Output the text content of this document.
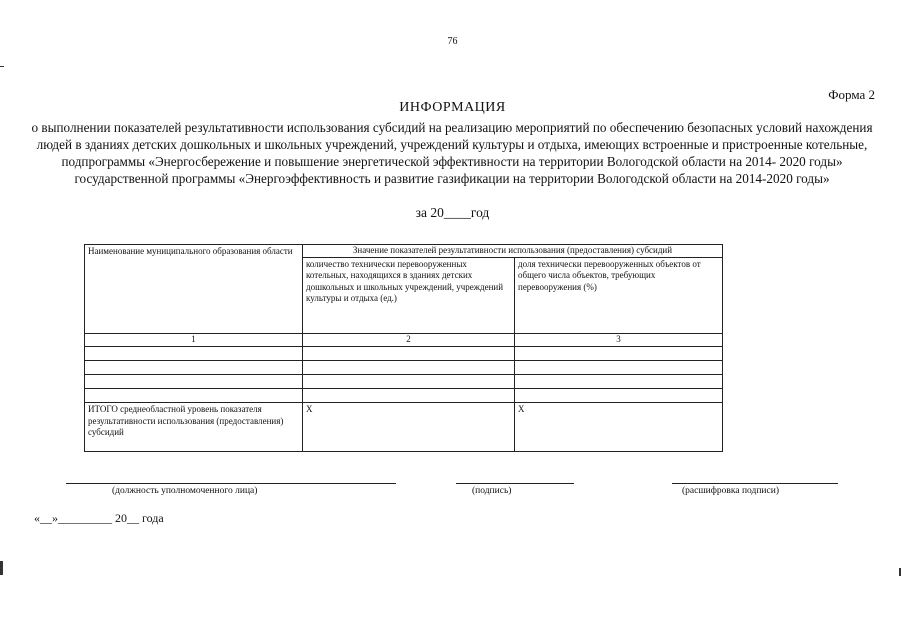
76
Форма 2
ИНФОРМАЦИЯ
о выполнении показателей результативности использования субсидий на реализацию мероприятий по обеспечению безопасных условий нахождения людей в зданиях детских дошкольных и школьных учреждений, учреждений культуры и отдыха, имеющих встроенные и пристроенные котельные, подпрограммы «Энергосбережение и повышение энергетической эффективности на территории Вологодской области на 2014- 2020 годы» государственной программы «Энергоэффективность и развитие газификации на территории Вологодской области на 2014-2020 годы»
за 20____год
Наименование муниципального образования области	Значение показателей результативности использования (предоставления) субсидий	
	количество технически перевооруженных котельных, находящихся в зданиях детских дошкольных и школьных учреждений, учреждений культуры и отдыха (ед.)	доля технически перевооруженных объектов от общего числа объектов, требующих перевооружения (%)
1	2	3

ИТОГО среднеобластной уровень показателя результативности использования (предоставления) субсидий	Х	Х
(должность уполномоченного лица)	(подпись)	(расшифровка подписи)
«__»_________ 20__ года
